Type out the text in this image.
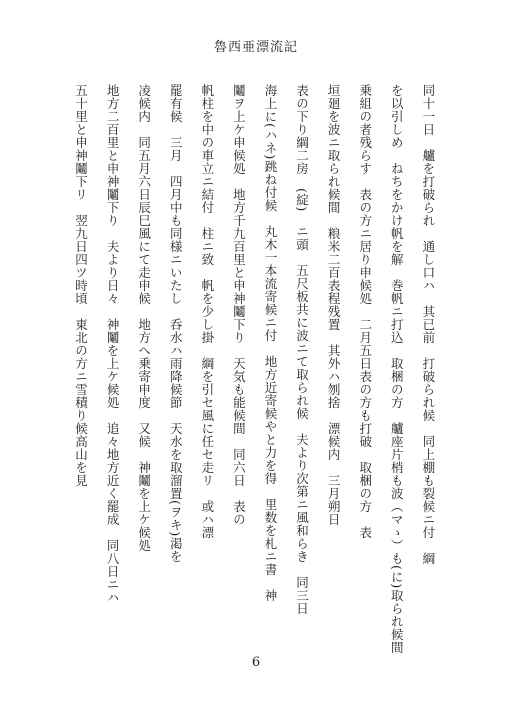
魯西亜漂流記
同十一日　艫を打破られ　通し口ハ　其已前　打破られ候　同上棚も裂候ニ付　綱
を以引しめ　ねちをかけ帆を解　巻帆ニ打込　取梱の方　艫座片梢も波（マゝ）も(に)取られ候間
乗組の者残らす　表の方ニ居り申候処　二月五日表の方も打破　取梱の方　表
垣廻を波ニ取られ候間　粮米二百表程残置　其外ハ刎捨　漂候内　三月朔日
表の下り綱二房　(綻)　ニ頭　五尺板共に波ニて取られ候　夫より次第ニ風和らき　同三日
海上に(ハネ)跳ね付候　丸木一本流寄候ニ付　地方近寄候やと力を得　里数を札ニ書　神
鬮ヲ上ケ申候処　地方千九百里と申神鬮下り　天気も能候間　同六日　表の
帆柱を中の車立ニ結付　柱ニ致　帆を少し掛　綱を引セ風に任セ走リ　或ハ漂
罷有候　三月　四月中も同様ニいたし　呑水ハ雨降候節　天水を取溜置(ヲキ)渇を
凌候内　同五月六日辰巳風にて走申候　地方へ乗寄申度　又候　神鬮を上ケ候処
地方二百里と申神鬮下り　夫より日々　神鬮を上ケ候処　追々地方近く罷成　同八日ニハ
五十里と申神鬮下リ　翌九日四ツ時頃　東北の方ニ雪積り候高山を見
6
